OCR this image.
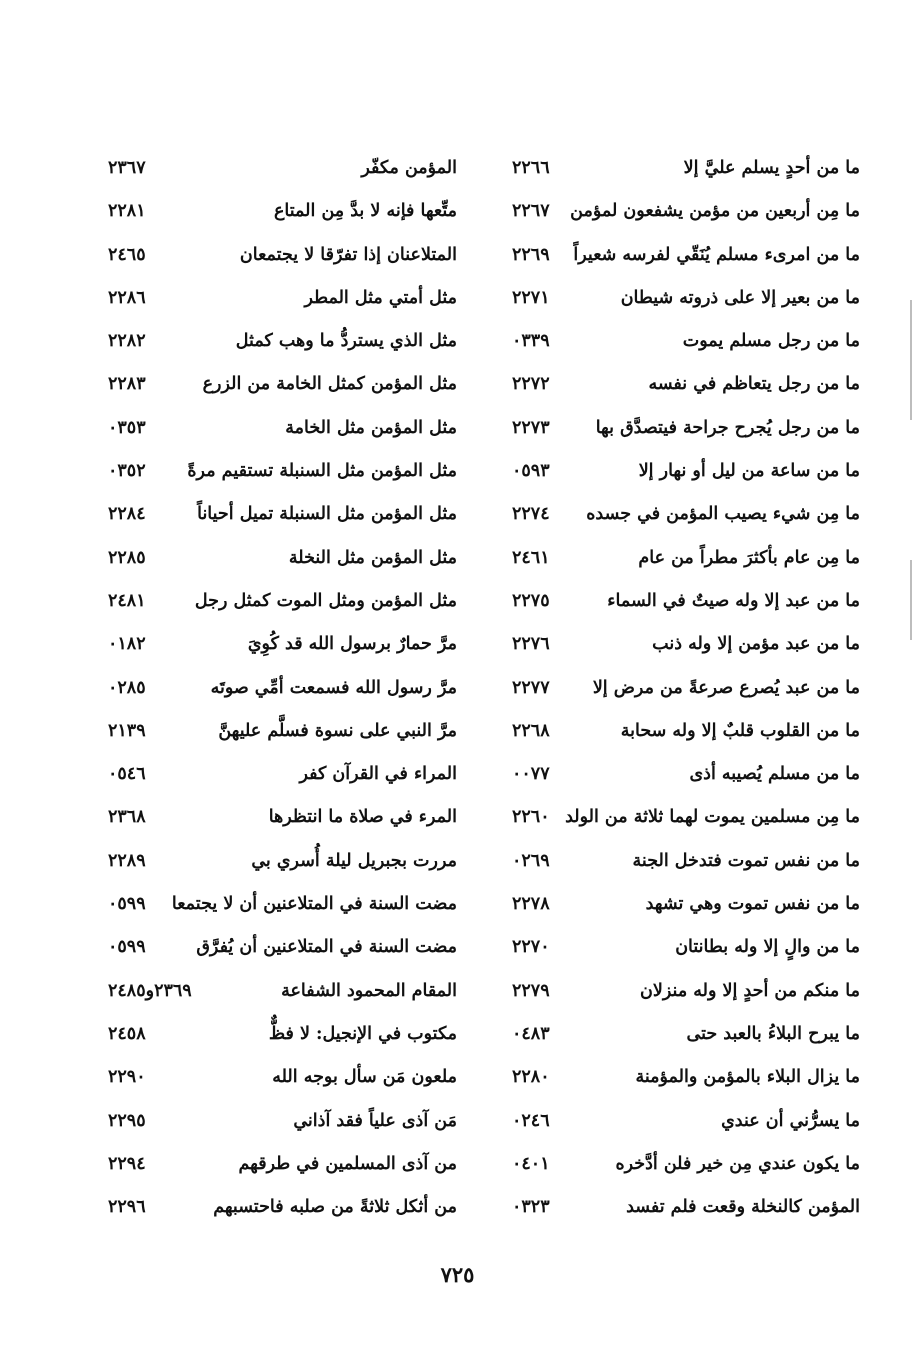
ما من أحدٍ يسلم عليَّ إلا
٢٢٦٦
المؤمن مكفّر
٢٣٦٧
ما مِن أربعين من مؤمن يشفعون لمؤمن
٢٢٦٧
متِّعها فإنه لا بدَّ مِن المتاع
٢٢٨١
ما من امرىء مسلم يُنَقّي لفرسه شعيراً
٢٢٦٩
المتلاعنان إذا تفرّقا لا يجتمعان
٢٤٦٥
ما من بعير إلا على ذروته شيطان
٢٢٧١
مثل أمتي مثل المطر
٢٢٨٦
ما من رجل مسلم يموت
٠٣٣٩
مثل الذي يستردُّ ما وهب كمثل
٢٢٨٢
ما من رجل يتعاظم في نفسه
٢٢٧٢
مثل المؤمن كمثل الخامة من الزرع
٢٢٨٣
ما من رجل يُجرح جراحة فيتصدَّق بها
٢٢٧٣
مثل المؤمن مثل الخامة
٠٣٥٣
ما من ساعة من ليل أو نهار إلا
٠٥٩٣
مثل المؤمن مثل السنبلة تستقيم مرةً
٠٣٥٢
ما مِن شيء يصيب المؤمن في جسده
٢٢٧٤
مثل المؤمن مثل السنبلة تميل أحياناً
٢٢٨٤
ما مِن عام بأكثرَ مطراً من عام
٢٤٦١
مثل المؤمن مثل النخلة
٢٢٨٥
ما من عبد إلا وله صيتٌ في السماء
٢٢٧٥
مثل المؤمن ومثل الموت كمثل رجل
٢٤٨١
ما من عبد مؤمن إلا وله ذنب
٢٢٧٦
مرَّ حمارٌ برسول الله قد كُوِيَ
٠١٨٢
ما من عبد يُصرع صرعةً من مرض إلا
٢٢٧٧
مرَّ رسول الله فسمعت أمِّي صوتَه
٠٢٨٥
ما من القلوب قلبٌ إلا وله سحابة
٢٢٦٨
مرَّ النبي على نسوة فسلَّم عليهنَّ
٢١٣٩
ما من مسلم يُصيبه أذى
٠٠٧٧
المراء في القرآن كفر
٠٥٤٦
ما مِن مسلمين يموت لهما ثلاثة من الولد
٢٢٦٠
المرء في صلاة ما انتظرها
٢٣٦٨
ما من نفس تموت فتدخل الجنة
٠٢٦٩
مررت بجبريل ليلة أُسري بي
٢٢٨٩
ما من نفس تموت وهي تشهد
٢٢٧٨
مضت السنة في المتلاعنين أن لا يجتمعا
٠٥٩٩
ما من والٍ إلا وله بطانتان
٢٢٧٠
مضت السنة في المتلاعنين أن يُفرَّق
٠٥٩٩
ما منكم من أحدٍ إلا وله منزلان
٢٢٧٩
المقام المحمود الشفاعة
٢٣٦٩و٢٤٨٥
ما يبرح البلاءُ بالعبد حتى
٠٤٨٣
مكتوب في الإنجيل: لا فظٌّ
٢٤٥٨
ما يزال البلاء بالمؤمن والمؤمنة
٢٢٨٠
ملعون مَن سأل بوجه الله
٢٢٩٠
ما يسرُّني أن عندي
٠٢٤٦
مَن آذى علياً فقد آذاني
٢٢٩٥
ما يكون عندي مِن خير فلن أدَّخره
٠٤٠١
من آذى المسلمين في طرقهم
٢٢٩٤
المؤمن كالنخلة وقعت فلم تفسد
٠٣٢٣
من أثكل ثلاثةً من صلبه فاحتسبهم
٢٢٩٦
٧٢٥
